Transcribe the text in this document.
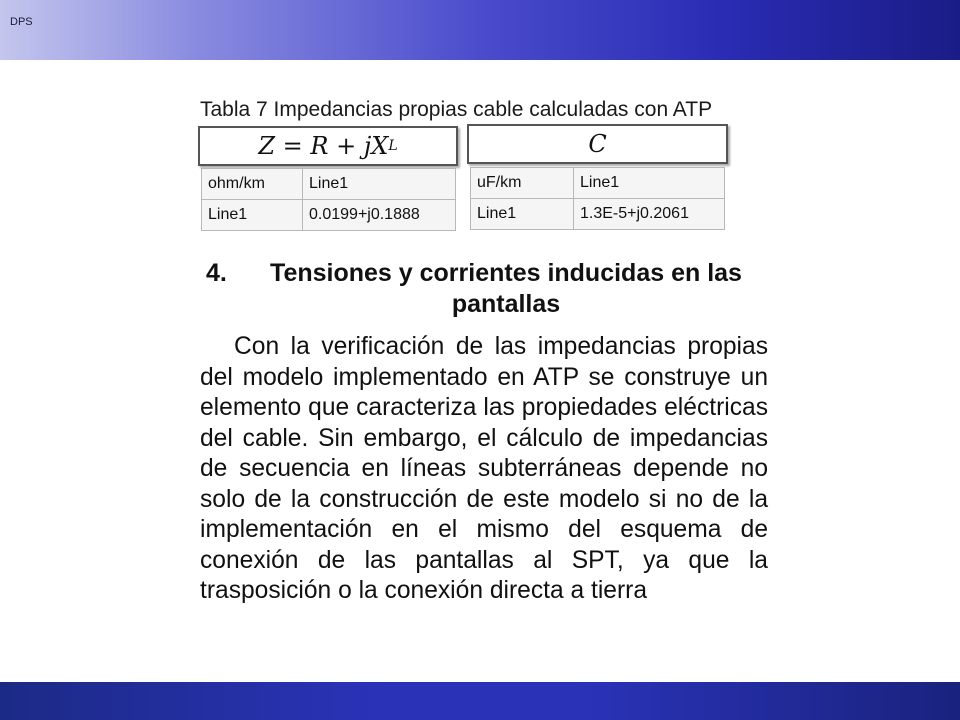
DPS
Tabla 7 Impedancias propias cable calculadas con ATP
Z = R + jX L	C
ohm/km	Line1
Line1	0.0199+j0.1888
uF/km	Line1
Line1	1.3E-5+j0.2061
4.	Tensiones y corrientes inducidas en las pantallas
Con la verificación de las impedancias propias del modelo implementado en ATP se construye un elemento que caracteriza las propiedades eléctricas del cable. Sin embargo, el cálculo de impedancias de secuencia en líneas subterráneas depende no solo de la construcción de este modelo si no de la implementación en el mismo del esquema de conexión de las pantallas al SPT, ya que la trasposición o la conexión directa a tierra
